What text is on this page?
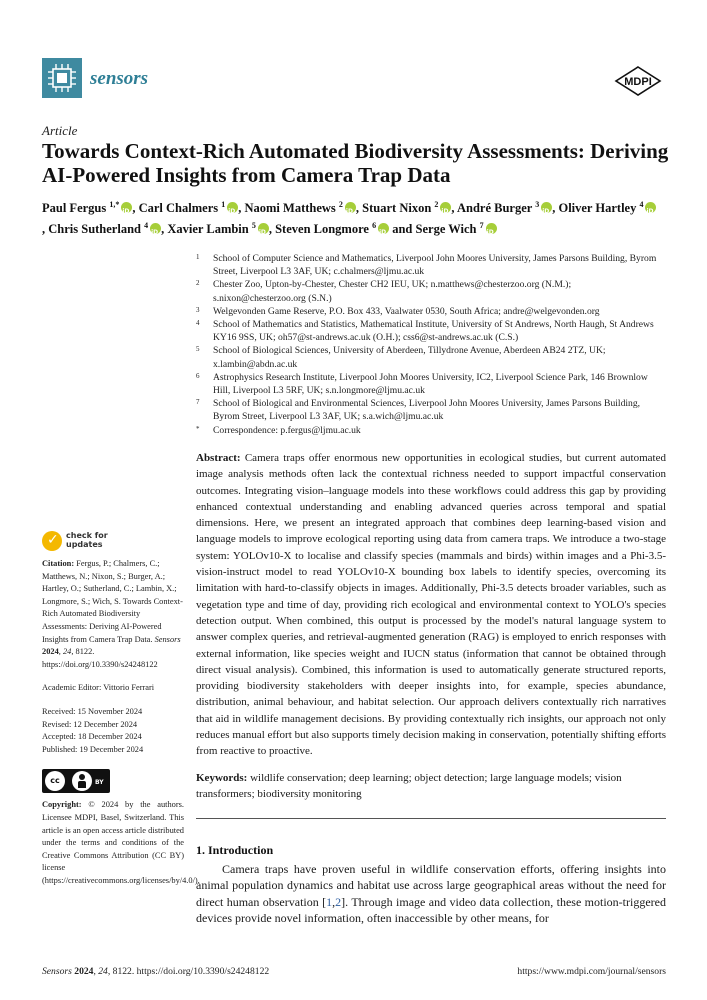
sensors	MDPI
Article
Towards Context-Rich Automated Biodiversity Assessments: Deriving AI-Powered Insights from Camera Trap Data
Paul Fergus $^{1,*}$ iD , Carl Chalmers $^1$ iD , Naomi Matthews $^2$ iD , Stuart Nixon $^2$ iD , André Burger $^3$ iD , Oliver Hartley $^4$iD, Chris Sutherland $^4$ iD , Xavier Lambin $^5$ iD , Steven Longmore $^6$iD and Serge Wich $^7$iD
1	School of Computer Science and Mathematics, Liverpool John Moores University, James Parsons Building, Byrom Street, Liverpool L3 3AF, UK; c.chalmers@ljmu.ac.uk
2	Chester Zoo, Upton-by-Chester, Chester CH2 IEU, UK; n.matthews@chesterzoo.org (N.M.); s.nixon@chesterzoo.org (S.N.)
3	Welgevonden Game Reserve, P.O. Box 433, Vaalwater 0530, South Africa; andre@welgevonden.org
4	School of Mathematics and Statistics, Mathematical Institute, University of St Andrews, North Haugh, St Andrews KY16 9SS, UK; oh57@st-andrews.ac.uk (O.H.); css6@st-andrews.ac.uk (C.S.)
5	School of Biological Sciences, University of Aberdeen, Tillydrone Avenue, Aberdeen AB24 2TZ, UK; x.lambin@abdn.ac.uk
6	Astrophysics Research Institute, Liverpool John Moores University, IC2, Liverpool Science Park, 146 Brownlow Hill, Liverpool L3 5RF, UK; s.n.longmore@ljmu.ac.uk
7	School of Biological and Environmental Sciences, Liverpool John Moores University, James Parsons Building, Byrom Street, Liverpool L3 3AF, UK; s.a.wich@ljmu.ac.uk
*	Correspondence: p.fergus@ljmu.ac.uk
Abstract: Camera traps offer enormous new opportunities in ecological studies, but current automated image analysis methods often lack the contextual richness needed to support impactful conservation outcomes. Integrating vision–language models into these workflows could address this gap by providing enhanced contextual understanding and enabling advanced queries across temporal and spatial dimensions. Here, we present an integrated approach that combines deep learning-based vision and language models to improve ecological reporting using data from camera traps. We introduce a two-stage system: YOLOv10-X to localise and classify species (mammals and birds) within images and a Phi-3.5-vision-instruct model to read YOLOv10-X bounding box labels to identify species, overcoming its limitation with hard-to-classify objects in images. Additionally, Phi-3.5 detects broader variables, such as vegetation type and time of day, providing rich ecological and environmental context to YOLO's species detection output. When combined, this output is processed by the model's natural language system to answer complex queries, and retrieval-augmented generation (RAG) is employed to enrich responses with external information, like species weight and IUCN status (information that cannot be obtained through direct visual analysis). Combined, this information is used to automatically generate structured reports, providing biodiversity stakeholders with deeper insights into, for example, species abundance, distribution, animal behaviour, and habitat selection. Our approach delivers contextually rich narratives that aid in wildlife management decisions. By providing contextually rich insights, our approach not only reduces manual effort but also supports timely decision making in conservation, potentially shifting efforts from reactive to proactive.
Keywords: wildlife conservation; deep learning; object detection; large language models; vision transformers; biodiversity monitoring
✓
check for
updates

Citation: Fergus, P.; Chalmers, C.; Matthews, N.; Nixon, S.; Burger, A.; Hartley, O.; Sutherland, C.; Lambin, X.; Longmore, S.; Wich, S. Towards Context-Rich Automated Biodiversity Assessments: Deriving AI-Powered Insights from Camera Trap Data. Sensors 2024, 24, 8122. https://doi.org/10.3390/s24248122

Academic Editor: Vittorio Ferrari

Received: 15 November 2024

Revised: 12 December 2024

Accepted: 18 December 2024

Published: 19 December 2024

cc	BY

Copyright: © 2024 by the authors. Licensee MDPI, Basel, Switzerland. This article is an open access article distributed under the terms and conditions of the Creative Commons Attribution (CC BY) license (https://creativecommons.org/licenses/by/4.0/).

1. Introduction
Camera traps have proven useful in wildlife conservation efforts, offering insights into animal population dynamics and habitat use across large geographical areas without the need for direct human observation [1,2]. Through image and video data collection, these motion-triggered devices provide novel information, often inaccessible by other means, for
Sensors 2024, 24, 8122. https://doi.org/10.3390/s24248122	https://www.mdpi.com/journal/sensors
